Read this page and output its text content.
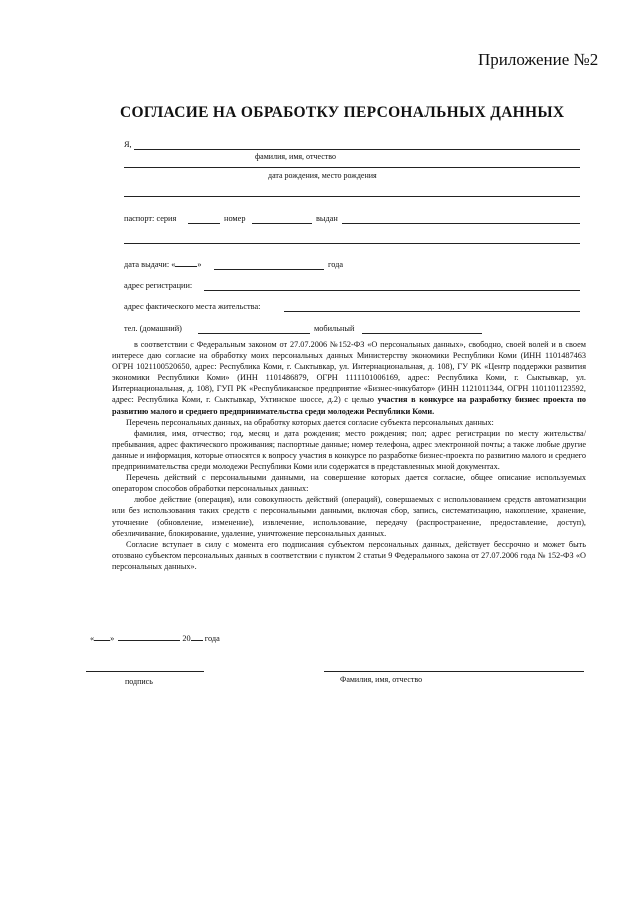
Приложение №2
СОГЛАСИЕ НА ОБРАБОТКУ ПЕРСОНАЛЬНЫХ ДАННЫХ
Я,
фамилия, имя, отчество
дата рождения, место рождения
паспорт: серия	номер	выдан
дата выдачи: «	»	года
адрес регистрации:
адрес фактического места жительства:
тел. (домашний)	мобильный

в соответствии с Федеральным законом от 27.07.2006 №152-ФЗ «О персональных данных», свободно, своей волей и в своем интересе даю согласие на обработку моих персональных данных Министерству экономики Республики Коми (ИНН 1101487463 ОГРН 1021100520650, адрес: Республика Коми, г. Сыктывкар, ул. Интернациональная, д. 108), ГУ РК «Центр поддержки развития экономики Республики Коми» (ИНН 1101486879, ОГРН 1111101006169, адрес: Республика Коми, г. Сыктывкар, ул. Интернациональная, д. 108), ГУП РК «Республиканское предприятие «Бизнес-инкубатор» (ИНН 1121011344, ОГРН 1101101123592, адрес: Республика Коми, г. Сыктывкар, Ухтинское шоссе, д.2) с целью участия в конкурсе на разработку бизнес проекта по развитию малого и среднего предпринимательства среди молодежи Республики Коми.

Перечень персональных данных, на обработку которых дается согласие субъекта персональных данных:

фамилия, имя, отчество; год, месяц и дата рождения; место рождения; пол; адрес регистрации по месту жительства/пребывания, адрес фактического проживания; паспортные данные; номер телефона, адрес электронной почты; а также любые другие данные и информация, которые относятся к вопросу участия в конкурсе по разработке бизнес-проекта по развитию малого и среднего предпринимательства среди молодежи Республики Коми или содержатся в представленных мной документах.

Перечень действий с персональными данными, на совершение которых дается согласие, общее описание используемых оператором способов обработки персональных данных:

любое действие (операция), или совокупность действий (операций), совершаемых с использованием средств автоматизации или без использования таких средств с персональными данными, включая сбор, запись, систематизацию, накопление, хранение, уточнение (обновление, изменение), извлечение, использование, передачу (распространение, предоставление, доступ), обезличивание, блокирование, удаление, уничтожение персональных данных.

Согласие вступает в силу с момента его подписания субъектом персональных данных, действует бессрочно и может быть отозвано субъектом персональных данных в соответствии с пунктом 2 статьи 9 Федерального закона от 27.07.2006 года № 152-ФЗ «О персональных данных».

« »	20 года
подпись	Фамилия, имя, отчество
